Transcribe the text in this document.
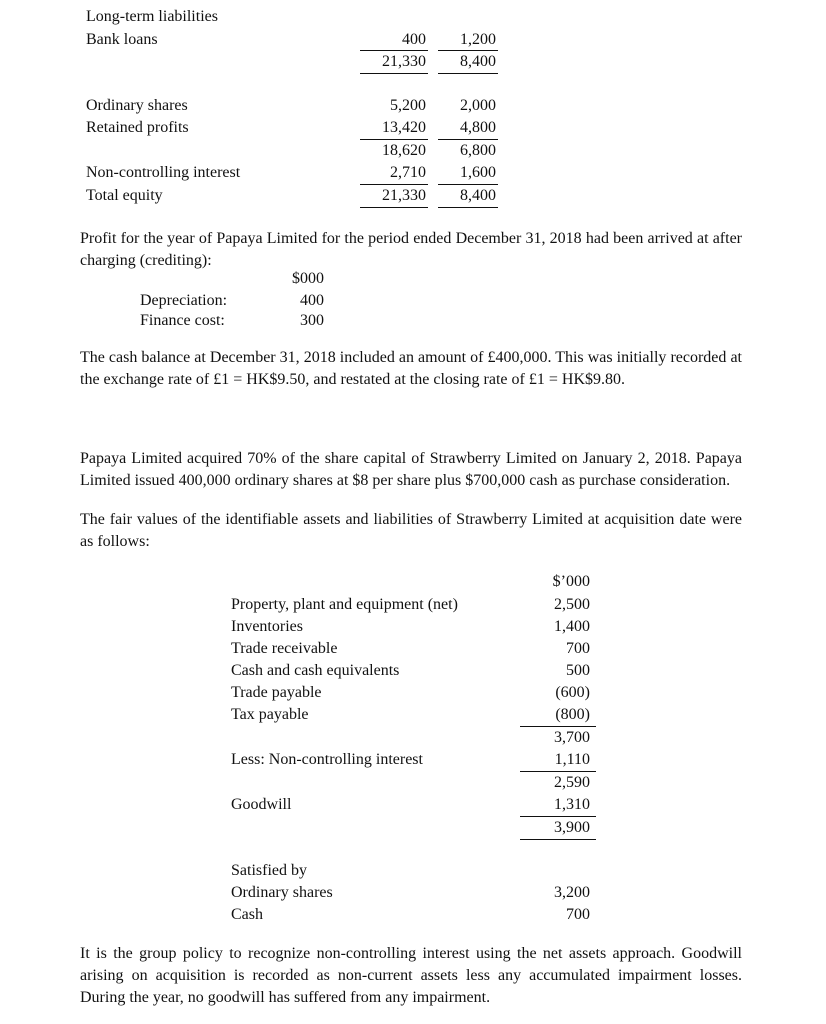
Long-term liabilities
Bank loans	400	1,200
21,330	8,400
Ordinary shares	5,200	2,000
Retained profits	13,420	4,800
18,620	6,800
Non-controlling interest	2,710	1,600
Total equity	21,330	8,400
Profit for the year of Papaya Limited for the period ended December 31, 2018 had been arrived at after charging (crediting):
$000
Depreciation:	400
Finance cost:	300
The cash balance at December 31, 2018 included an amount of £400,000. This was initially recorded at the exchange rate of £1 = HK$9.50, and restated at the closing rate of £1 = HK$9.80.
Papaya Limited acquired 70% of the share capital of Strawberry Limited on January 2, 2018. Papaya Limited issued 400,000 ordinary shares at $8 per share plus $700,000 cash as purchase consideration.
The fair values of the identifiable assets and liabilities of Strawberry Limited at acquisition date were as follows:
$’000
Property, plant and equipment (net)	2,500
Inventories	1,400
Trade receivable	700
Cash and cash equivalents	500
Trade payable	(600)
Tax payable	(800)
3,700
Less: Non-controlling interest	1,110
2,590
Goodwill	1,310
3,900
Satisfied by
Ordinary shares	3,200
Cash	700
It is the group policy to recognize non-controlling interest using the net assets approach. Goodwill arising on acquisition is recorded as non-current assets less any accumulated impairment losses. During the year, no goodwill has suffered from any impairment.
